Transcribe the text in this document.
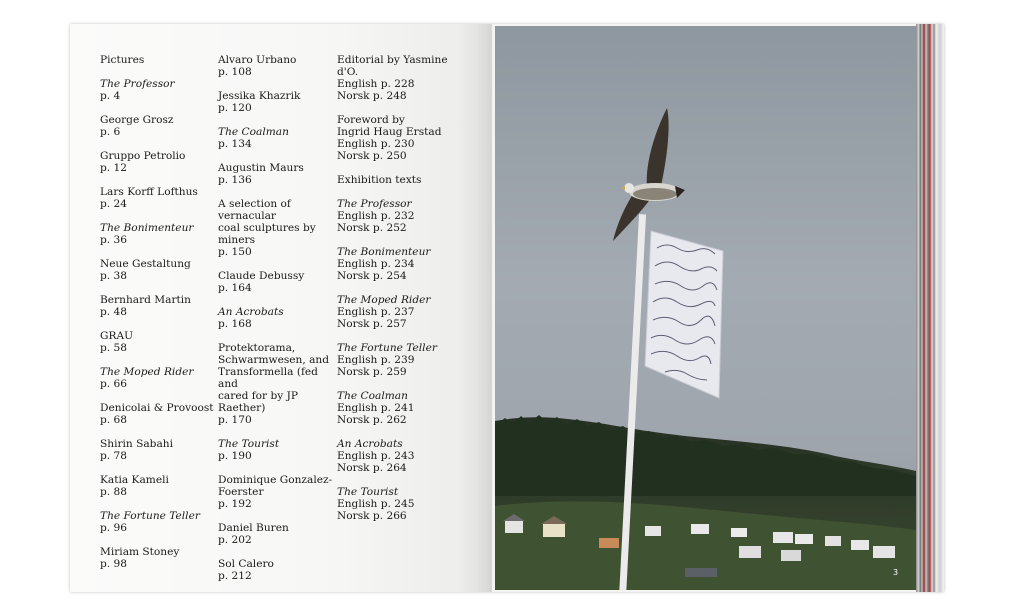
Pictures
The Professor
p. 4
George Grosz
p. 6
Gruppo Petrolio
p. 12
Lars Korff Lofthus
p. 24
The Bonimenteur
p. 36
Neue Gestaltung
p. 38
Bernhard Martin
p. 48
GRAU
p. 58
The Moped Rider
p. 66
Denicolai & Provoost
p. 68
Shirin Sabahi
p. 78
Katia Kameli
p. 88
The Fortune Teller
p. 96
Miriam Stoney
p. 98
Alvaro Urbano
p. 108
Jessika Khazrik
p. 120
The Coalman
p. 134
Augustin Maurs
p. 136
A selection of vernacular
coal sculptures by miners
p. 150
Claude Debussy
p. 164
An Acrobats
p. 168
Protektorama,
Schwarmwesen, and
Transformella (fed and
cared for by JP Raether)
p. 170
The Tourist
p. 190
Dominique Gonzalez-
Foerster
p. 192
Daniel Buren
p. 202
Sol Calero
p. 212
Editorial by Yasmine d'O.
English p. 228
Norsk p. 248
Foreword by
Ingrid Haug Erstad
English p. 230
Norsk p. 250
Exhibition texts
The Professor
English p. 232
Norsk p. 252
The Bonimenteur
English p. 234
Norsk p. 254
The Moped Rider
English p. 237
Norsk p. 257
The Fortune Teller
English p. 239
Norsk p. 259
The Coalman
English p. 241
Norsk p. 262
An Acrobats
English p. 243
Norsk p. 264
The Tourist
English p. 245
Norsk p. 266
3
